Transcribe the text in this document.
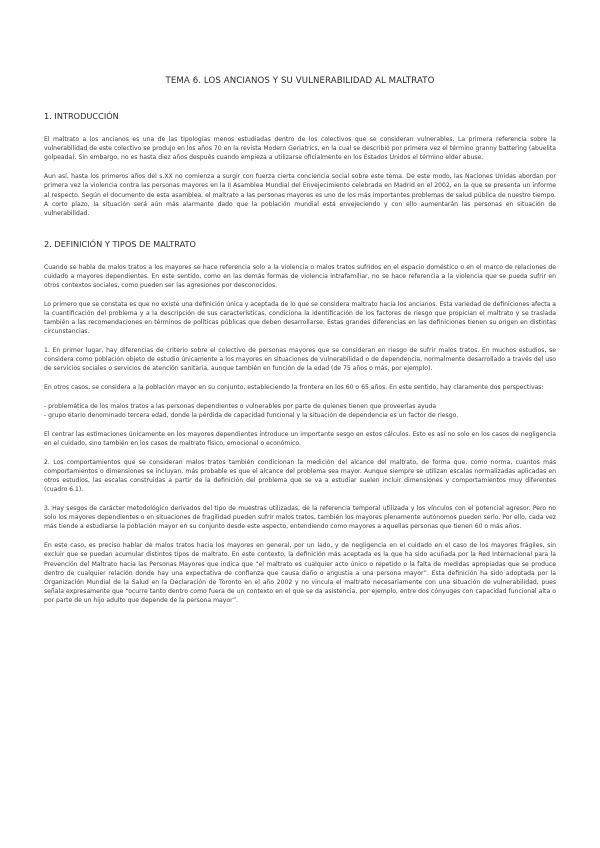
TEMA 6. LOS ANCIANOS Y SU VULNERABILIDAD AL MALTRATO
1. INTRODUCCIÓN

El maltrato a los ancianos es una de las tipologías menos estudiadas dentro de los colectivos que se consideran vulnerables. La primera referencia sobre la vulnerabilidad de este colectivo se produjo en los años 70 en la revista Modern Geriatrics, en la cual se describió por primera vez el término granny battering (abuelita golpeada). Sin embargo, no es hasta diez años después cuando empieza a utilizarse oficialmente en los Estados Unidos el término elder abuse.

Aun así, hasta los primeros años del s.XX no comienza a surgir con fuerza cierta conciencia social sobre este tema. De este modo, las Naciones Unidas abordan por primera vez la violencia contra las personas mayores en la II Asamblea Mundial del Envejecimiento celebrada en Madrid en el 2002, en la que se presenta un informe al respecto. Según el documento de esta asamblea, el maltrato a las personas mayores es uno de los más importantes problemas de salud pública de nuestro tiempo. A corto plazo, la situación será aún más alarmante dado que la población mundial está envejeciendo y con ello aumentarán las personas en situación de vulnerabilidad.

2. DEFINICIÓN Y TIPOS DE MALTRATO

Cuando se habla de malos tratos a los mayores se hace referencia solo a la violencia o malos tratos sufridos en el espacio doméstico o en el marco de relaciones de cuidado a mayores dependientes. En este sentido, como en las demás formas de violencia intrafamiliar, no se hace referencia a la violencia que se pueda sufrir en otros contextos sociales, como pueden ser las agresiones por desconocidos.

Lo primero que se constata es que no existe una definición única y aceptada de lo que se considera maltrato hacia los ancianos. Esta variedad de definiciones afecta a la cuantificación del problema y a la descripción de sus características, condiciona la identificación de los factores de riesgo que propician el maltrato y se traslada también a las recomendaciones en términos de políticas públicas que deben desarrollarse. Estas grandes diferencias en las definiciones tienen su origen en distintas circunstancias.

1. En primer lugar, hay diferencias de criterio sobre el colectivo de personas mayores que se consideran en riesgo de sufrir malos tratos. En muchos estudios, se considera como población objeto de estudio únicamente a los mayores en situaciones de vulnerabilidad o de dependencia, normalmente desarrollado a través del uso de servicios sociales o servicios de atención sanitaria, aunque también en función de la edad (de 75 años o más, por ejemplo).

En otros casos, se considera a la población mayor en su conjunto, estableciendo la frontera en los 60 o 65 años. En este sentido, hay claramente dos perspectivas:

- problemática de los malos tratos a las personas dependientes o vulnerables por parte de quienes tienen que proveerlas ayuda

- grupo etario denominado tercera edad, donde la pérdida de capacidad funcional y la situación de dependencia es un factor de riesgo.

El centrar las estimaciones únicamente en los mayores dependientes introduce un importante sesgo en estos cálculos. Esto es así no solo en los casos de negligencia en el cuidado, sino también en los casos de maltrato físico, emocional o económico.

2. Los comportamientos que se consideran malos tratos también condicionan la medición del alcance del maltrato, de forma que, como norma, cuantos más comportamientos o dimensiones se incluyan, más probable es que el alcance del problema sea mayor. Aunque siempre se utilizan escalas normalizadas aplicadas en otros estudios, las escalas construidas a partir de la definición del problema que se va a estudiar suelen incluir dimensiones y comportamientos muy diferentes (cuadro 6.1).

3. Hay sesgos de carácter metodológico derivados del tipo de muestras utilizadas, de la referencia temporal utilizada y los vínculos con el potencial agresor. Pero no solo los mayores dependientes o en situaciones de fragilidad pueden sufrir malos tratos, también los mayores plenamente autónomos pueden serlo. Por ello, cada vez más tiende a estudiarse la población mayor en su conjunto desde este aspecto, entendiendo como mayores a aquellas personas que tienen 60 o más años.

En este caso, es preciso hablar de malos tratos hacia los mayores en general, por un lado, y de negligencia en el cuidado en el caso de los mayores frágiles, sin excluir que se puedan acumular distintos tipos de maltrato. En este contexto, la definición más aceptada es la que ha sido acuñada por la Red Internacional para la Prevención del Maltrato hacia las Personas Mayores que indica que “el maltrato es cualquier acto único o repetido o la falta de medidas apropiadas que se produce dentro de cualquier relación donde hay una expectativa de confianza que causa daño o angustia a una persona mayor”. Esta definición ha sido adoptada por la Organización Mundial de la Salud en la Declaración de Toronto en el año 2002 y no vincula el maltrato necesariamente con una situación de vulnerabilidad, pues señala expresamente que “ocurre tanto dentro como fuera de un contexto en el que se da asistencia, por ejemplo, entre dos cónyuges con capacidad funcional alta o por parte de un hijo adulto que depende de la persona mayor”.
